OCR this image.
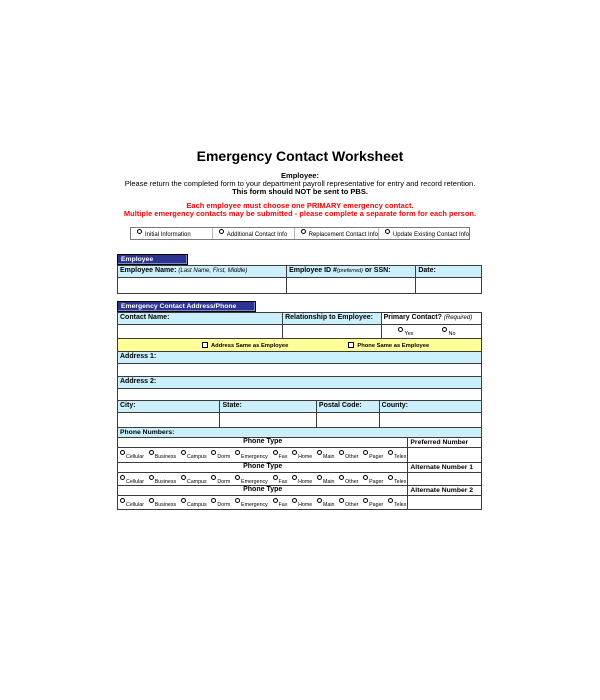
Emergency Contact Worksheet
Employee:
Please return the completed form to your department payroll representative for entry and record retention.
This form should NOT be sent to PBS.
Each employee must choose one PRIMARY emergency contact.
Multiple emergency contacts may be submitted - please complete a separate form for each person.
Initial Information	Additional Contact Info	Replacement Contact Info	Update Existing Contact Info
Employee
Employee Name: (Last Name, First, Middle)	Employee ID #(preferred) or SSN:	Date:
Emergency Contact Address/Phone
Contact Name:	Relationship to Employee:	Primary Contact? (Required)
Yes	No
Address Same as Employee	Phone Same as Employee
Address 1:
Address 2:
City:	State:	Postal Code:	County:
Phone Numbers:
Phone Type	Preferred Number
Cellular Business Campus Dorm Emergency Fax Home Main Other Pager Telex
Phone Type	Alternate Number 1
Cellular Business Campus Dorm Emergency Fax Home Main Other Pager Telex
Phone Type	Alternate Number 2
Cellular Business Campus Dorm Emergency Fax Home Main Other Pager Telex
